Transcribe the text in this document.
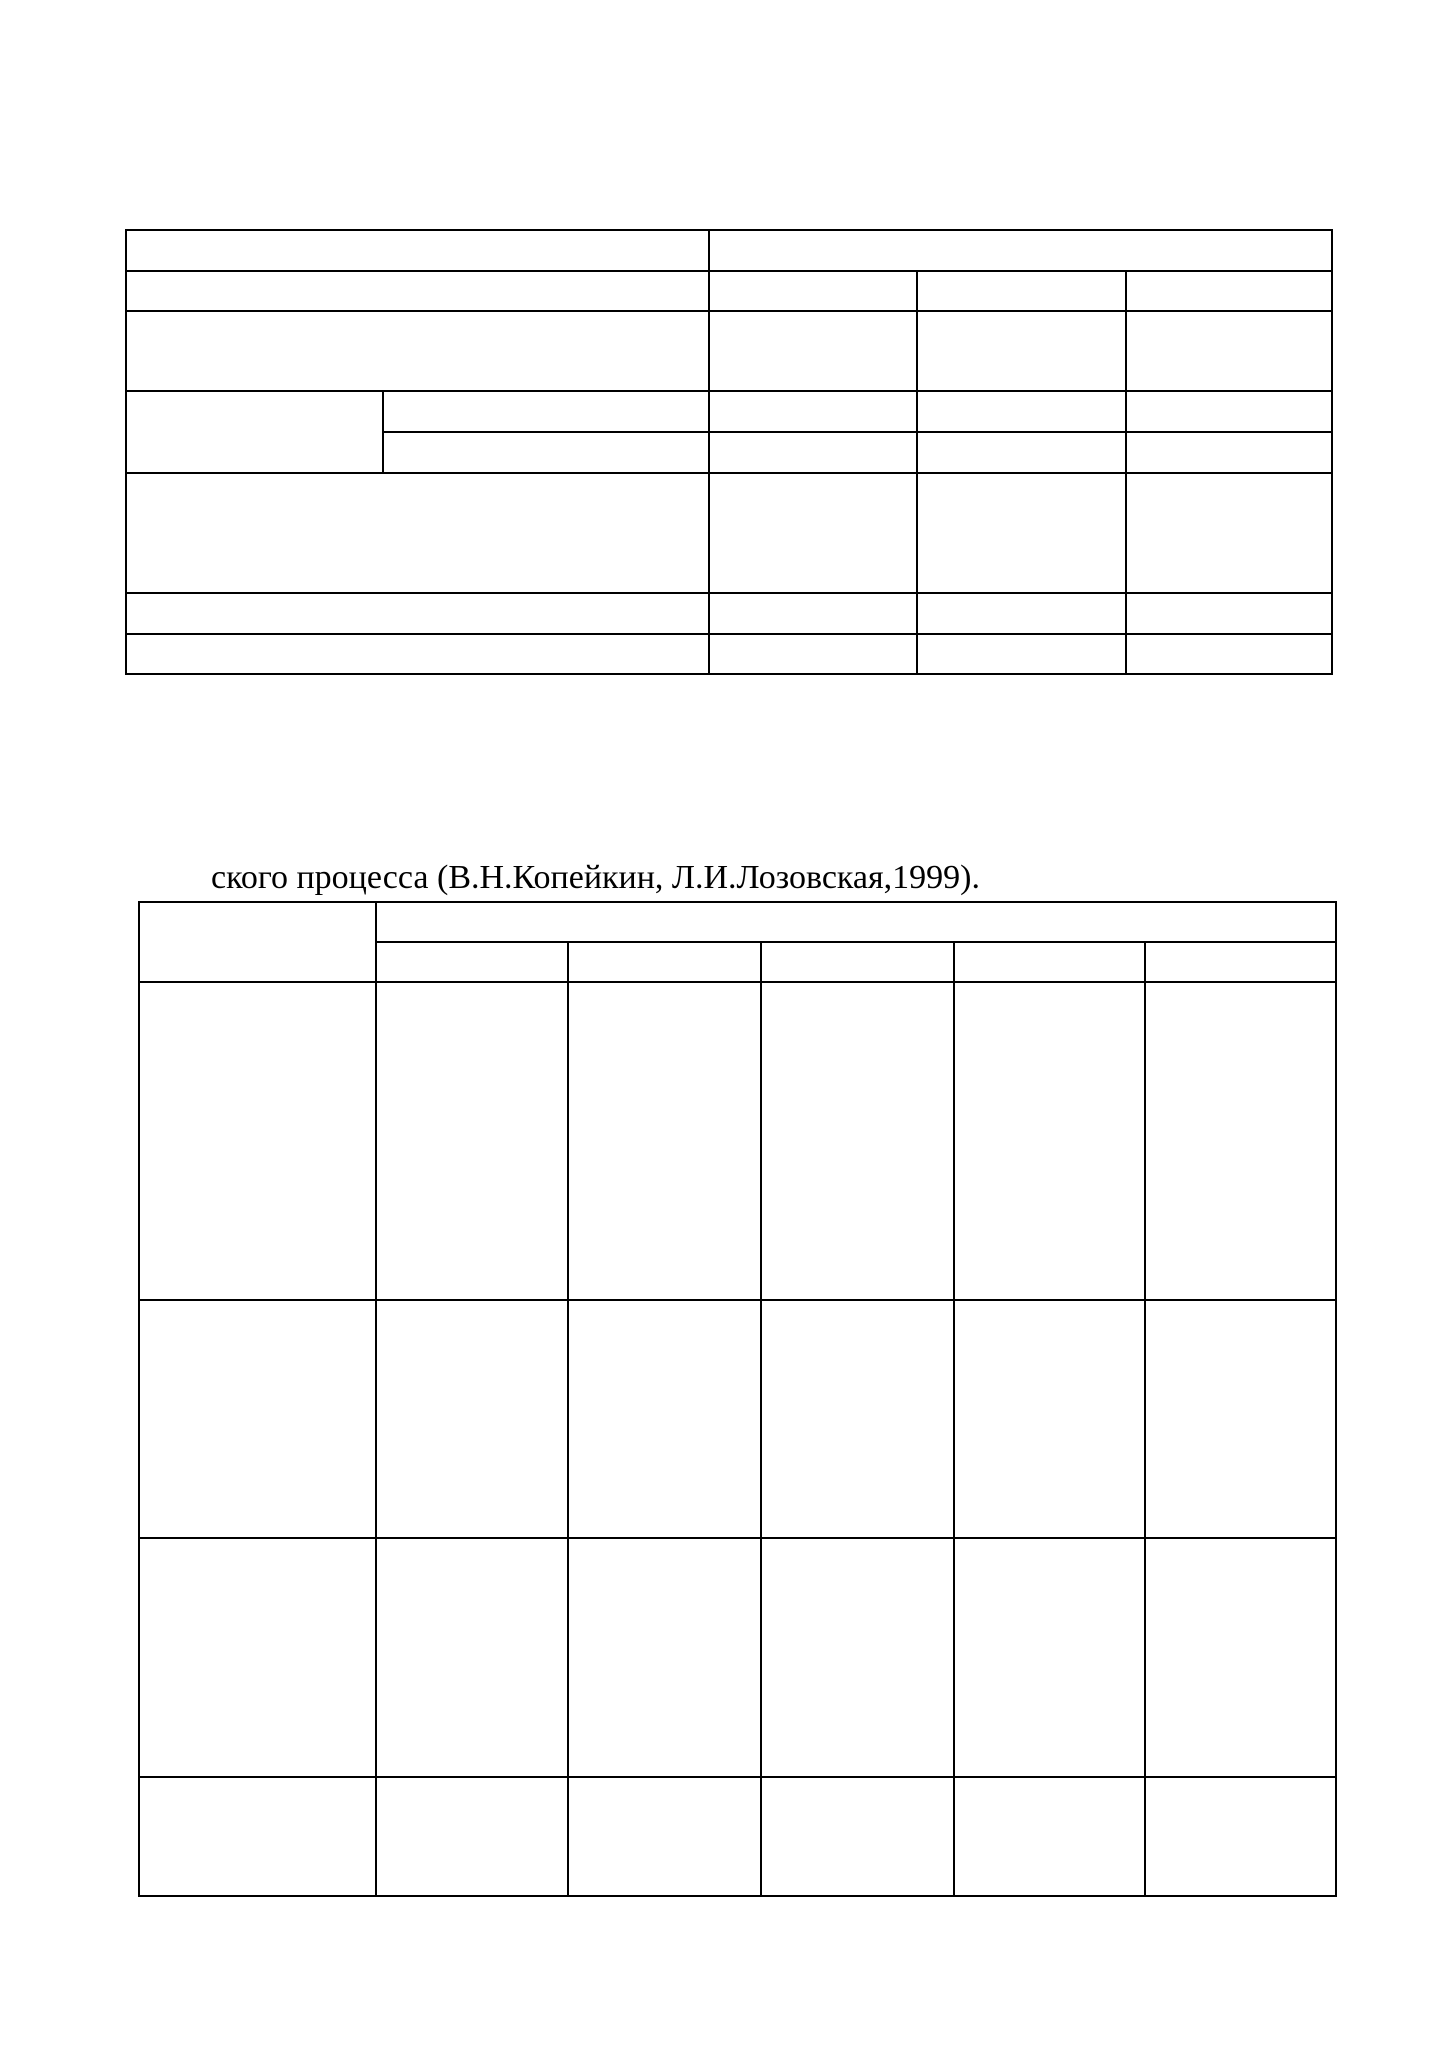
ского процесса (В.Н.Копейкин, Л.И.Лозовская,1999).
